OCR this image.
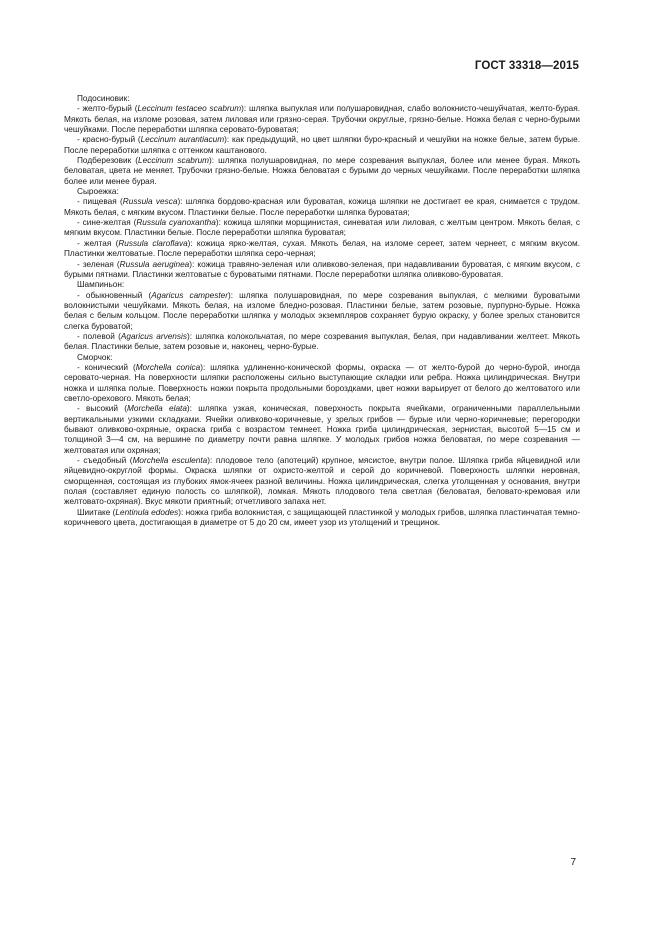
ГОСТ 33318—2015

Подосиновик:

- желто-бурый (Leccinum testaceo scabrum): шляпка выпуклая или полушаровидная, слабо волокнисто-чешуйчатая, желто-бурая. Мякоть белая, на изломе розовая, затем лиловая или грязно-серая. Трубочки округлые, грязно-белые. Ножка белая с черно-бурыми чешуйками. После переработки шляпка серовато-буроватая;

- красно-бурый (Leccinum aurantiacum): как предыдущий, но цвет шляпки буро-красный и чешуйки на ножке белые, затем бурые. После переработки шляпка с оттенком каштанового.

Подберезовик (Leccinum scabrum): шляпка полушаровидная, по мере созревания выпуклая, более или менее бурая. Мякоть беловатая, цвета не меняет. Трубочки грязно-белые. Ножка беловатая с бурыми до черных чешуйками. После переработки шляпка более или менее бурая.

Сыроежка:

- пищевая (Russula vesca): шляпка бордово-красная или буроватая, кожица шляпки не достигает ее края, снимается с трудом. Мякоть белая, с мягким вкусом. Пластинки белые. После переработки шляпка буроватая;

- сине-желтая (Russula cyanoxantha): кожица шляпки морщинистая, синеватая или лиловая, с желтым центром. Мякоть белая, с мягким вкусом. Пластинки белые. После переработки шляпка буроватая;

- желтая (Russula claroflava): кожица ярко-желтая, сухая. Мякоть белая, на изломе сереет, затем чернеет, с мягким вкусом. Пластинки желтоватые. После переработки шляпка серо-черная;

- зеленая (Russula aeruginea): кожица травяно-зеленая или оливково-зеленая, при надавливании буроватая, с мягким вкусом, с бурыми пятнами. Пластинки желтоватые с буроватыми пятнами. После переработки шляпка оливково-буроватая.

Шампиньон:

- обыкновенный (Agaricus campester): шляпка полушаровидная, по мере созревания выпуклая, с мелкими буроватыми волокнистыми чешуйками. Мякоть белая, на изломе бледно-розовая. Пластинки белые, затем розовые, пурпурно-бурые. Ножка белая с белым кольцом. После переработки шляпка у молодых экземпляров сохраняет бурую окраску, у более зрелых становится слегка буроватой;

- полевой (Agaricus arvensis): шляпка колокольчатая, по мере созревания выпуклая, белая, при надавливании желтеет. Мякоть белая. Пластинки белые, затем розовые и, наконец, черно-бурые.

Сморчок:

- конический (Morchella conica): шляпка удлиненно-конической формы, окраска — от желто-бурой до черно-бурой, иногда серовато-черная. На поверхности шляпки расположены сильно выступающие складки или ребра. Ножка цилиндрическая. Внутри ножка и шляпка полые. Поверхность ножки покрыта продольными бороздками, цвет ножки варьирует от белого до желтоватого или светло-орехового. Мякоть белая;

- высокий (Morchella elata): шляпка узкая, коническая, поверхность покрыта ячейками, ограниченными параллельными вертикальными узкими складками. Ячейки оливково-коричневые, у зрелых грибов — бурые или черно-коричневые; перегородки бывают оливково-охряные, окраска гриба с возрастом темнеет. Ножка гриба цилиндрическая, зернистая, высотой 5—15 см и толщиной 3—4 см, на вершине по диаметру почти равна шляпке. У молодых грибов ножка беловатая, по мере созревания — желтоватая или охряная;

- съедобный (Morchella esculenta): плодовое тело (апотеций) крупное, мясистое, внутри полое. Шляпка гриба яйцевидной или яйцевидно-округлой формы. Окраска шляпки от охристо-желтой и серой до коричневой. Поверхность шляпки неровная, сморщенная, состоящая из глубоких ямок-ячеек разной величины. Ножка цилиндрическая, слегка утолщенная у основания, внутри полая (составляет единую полость со шляпкой), ломкая. Мякоть плодового тела светлая (беловатая, беловато-кремовая или желтовато-охряная). Вкус мякоти приятный; отчетливого запаха нет.

Шиитаке (Lentinula edodes): ножка гриба волокнистая, с защищающей пластинкой у молодых грибов, шляпка пластинчатая темно-коричневого цвета, достигающая в диаметре от 5 до 20 см, имеет узор из утолщений и трещинок.

7
